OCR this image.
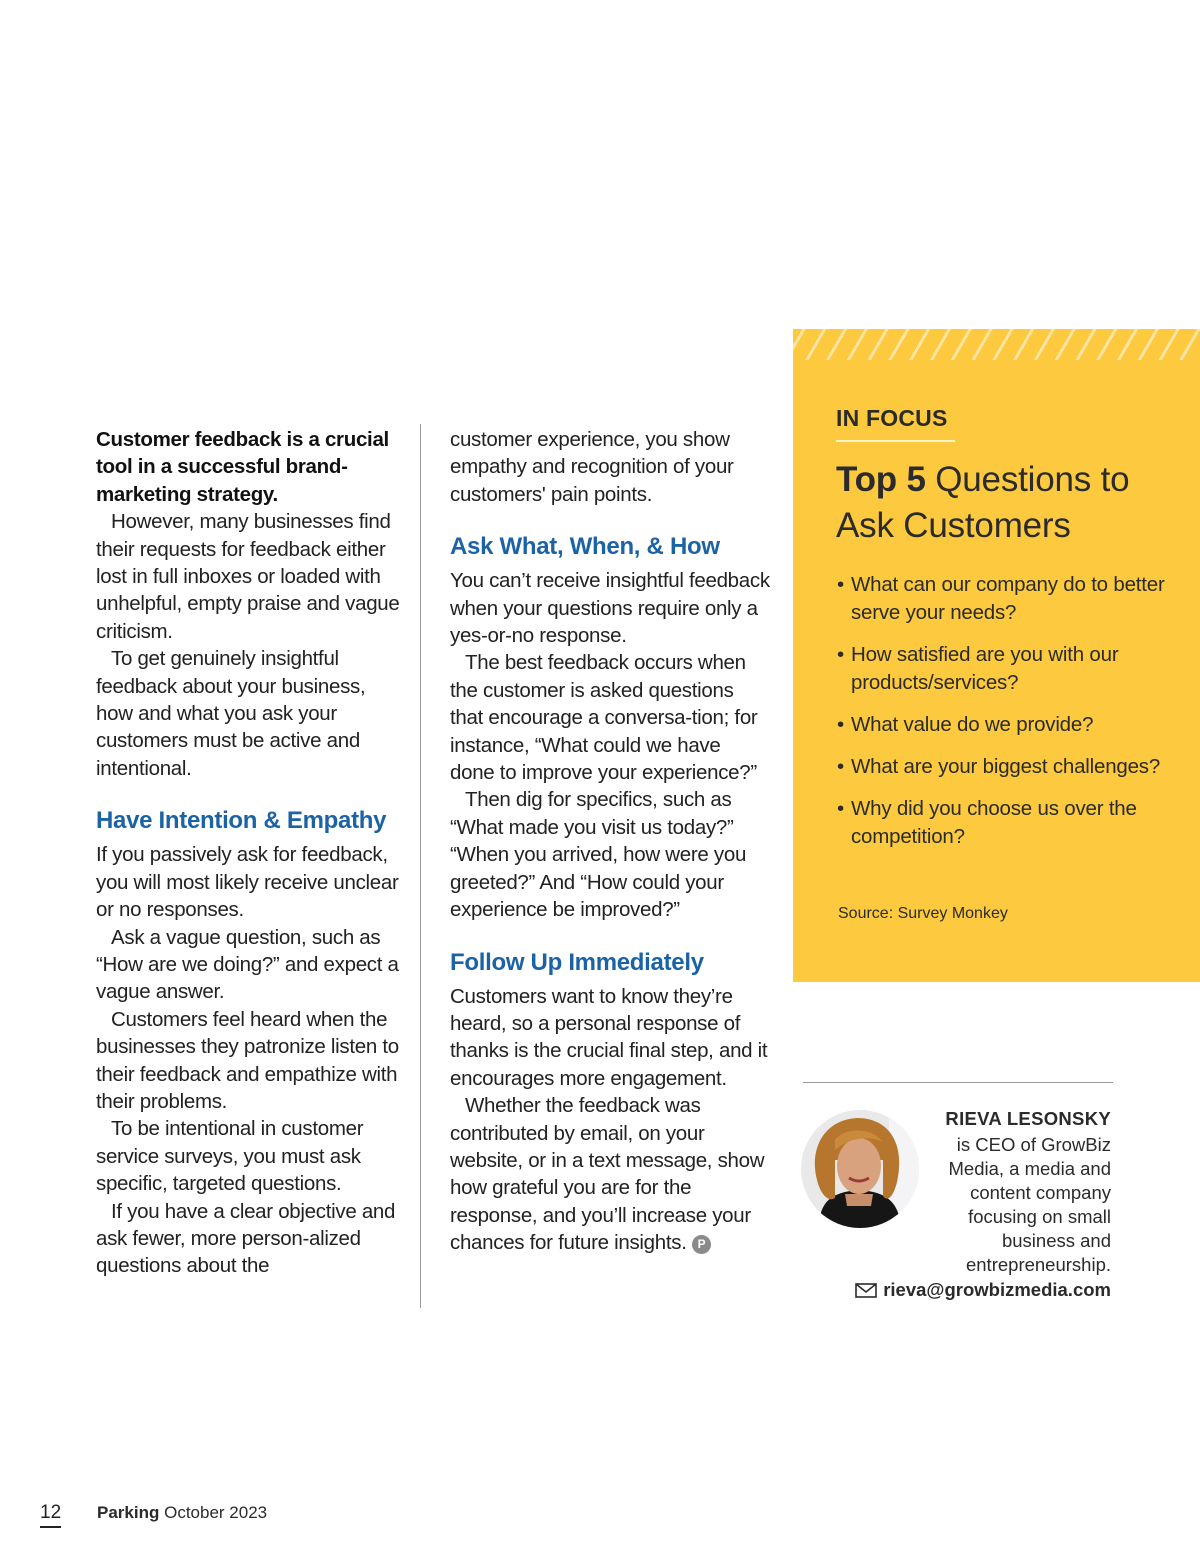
Customer feedback is a crucial tool in a successful brand-marketing strategy.

However, many businesses find their requests for feedback either lost in full inboxes or loaded with unhelpful, empty praise and vague criticism.

To get genuinely insightful feedback about your business, how and what you ask your customers must be active and intentional.

Have Intention & Empathy

If you passively ask for feedback, you will most likely receive unclear or no responses.

Ask a vague question, such as “How are we doing?” and expect a vague answer.

Customers feel heard when the businesses they patronize listen to their feedback and empathize with their problems.

To be intentional in customer service surveys, you must ask specific, targeted questions.

If you have a clear objective and ask fewer, more person-alized questions about the

customer experience, you show empathy and recognition of your customers' pain points.

Ask What, When, & How

You can’t receive insightful feedback when your questions require only a yes-or-no response.

The best feedback occurs when the customer is asked questions that encourage a conversa-tion; for instance, “What could we have done to improve your experience?”

Then dig for specifics, such as “What made you visit us today?” “When you arrived, how were you greeted?” And “How could your experience be improved?”

Follow Up Immediately

Customers want to know they’re heard, so a personal response of thanks is the crucial final step, and it encourages more engagement.

Whether the feedback was contributed by email, on your website, or in a text message, show how grateful you are for the response, and you’ll increase your chances for future insights. P

IN FOCUS
Top 5 Questions to Ask Customers
• What can our company do to better serve your needs?
• How satisfied are you with our products/services?
• What value do we provide?
• What are your biggest challenges?
• Why did you choose us over the competition?
Source: Survey Monkey
RIEVA LESONSKY
is CEO of GrowBiz Media, a media and content company focusing on small business and entrepreneurship.
rieva@growbizmedia.com
12 Parking October 2023
